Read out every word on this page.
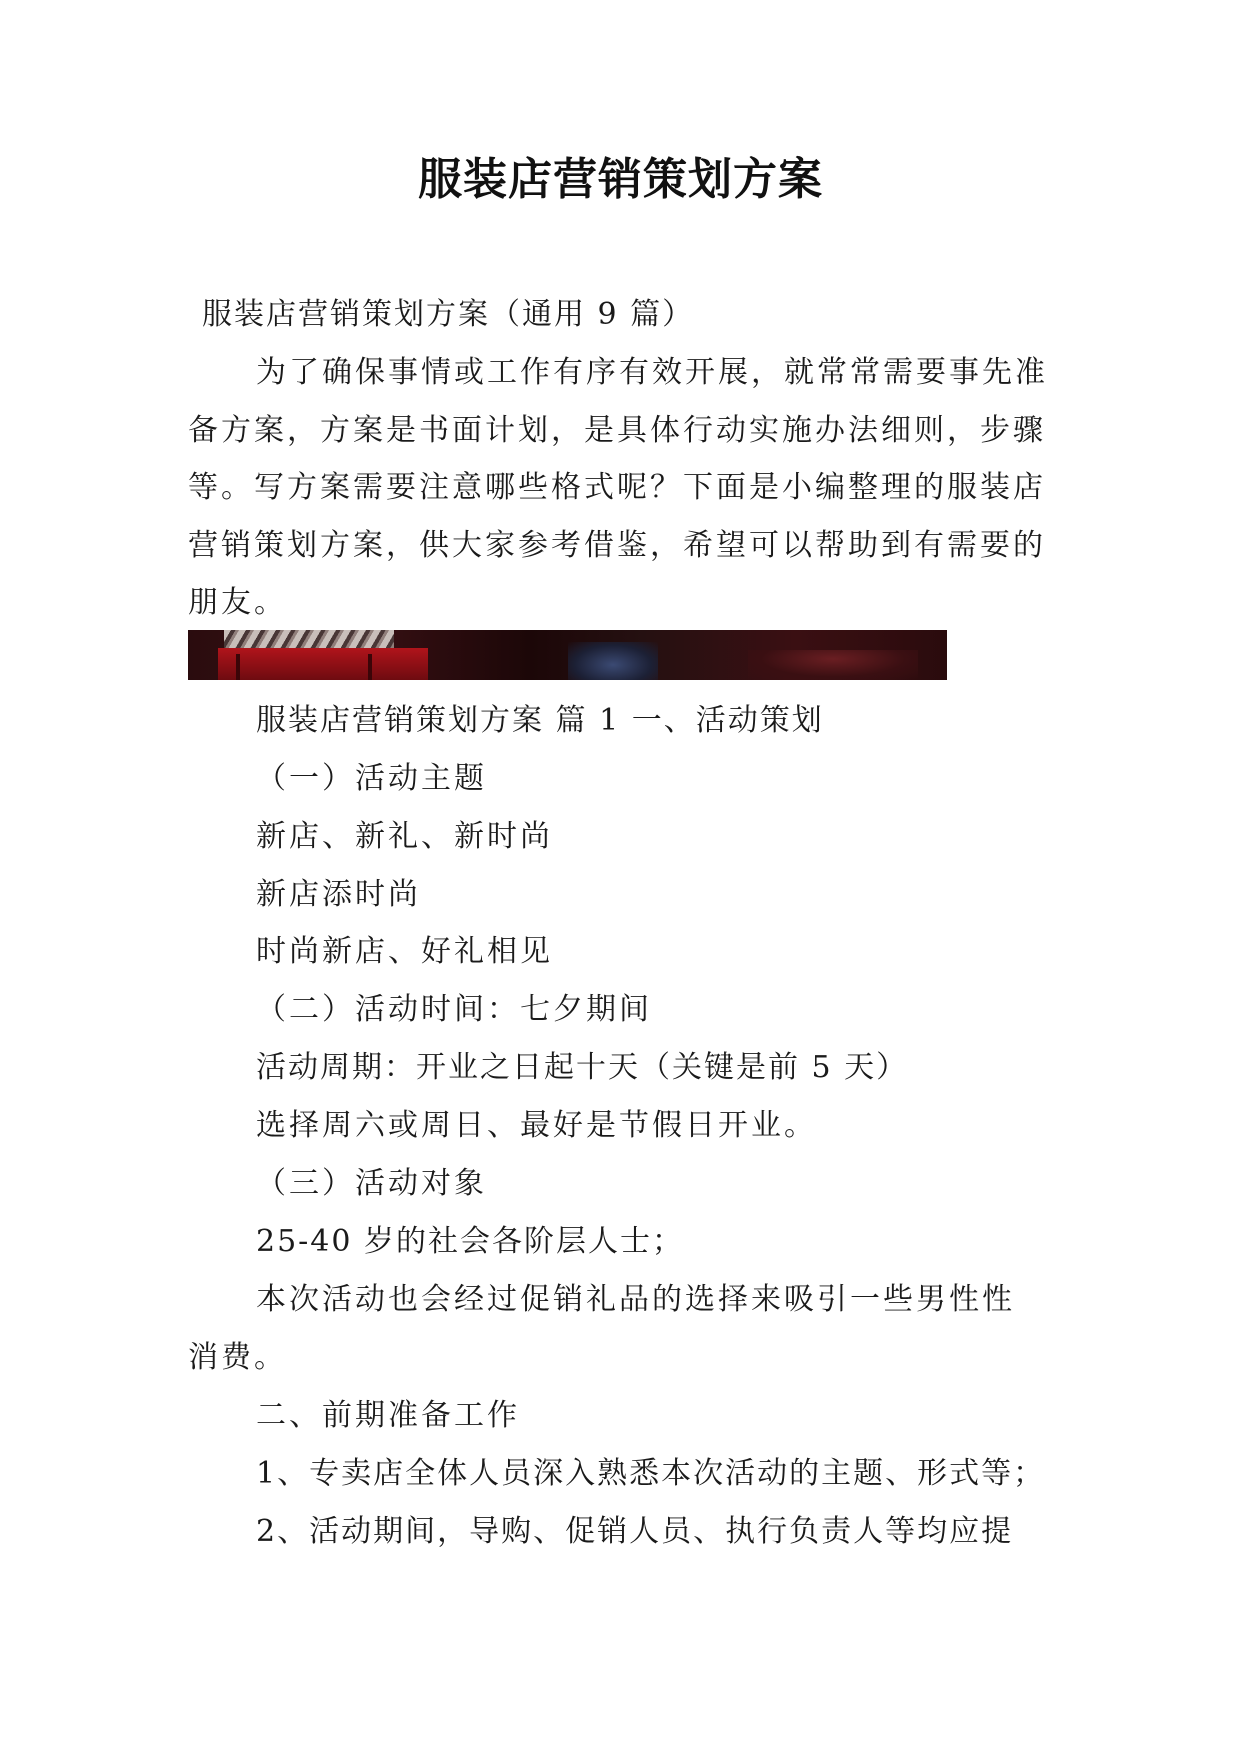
服装店营销策划方案
服装店营销策划方案（通用 9 篇）
为了确保事情或工作有序有效开展，就常常需要事先准
备方案，方案是书面计划，是具体行动实施办法细则，步骤
等。写方案需要注意哪些格式呢？下面是小编整理的服装店
营销策划方案，供大家参考借鉴，希望可以帮助到有需要的
朋友。
服装店营销策划方案 篇 1 一、活动策划
（一）活动主题
新店、新礼、新时尚
新店添时尚
时尚新店、好礼相见
（二）活动时间：七夕期间
活动周期：开业之日起十天（关键是前 5 天）
选择周六或周日、最好是节假日开业。
（三）活动对象
25-40 岁的社会各阶层人士；
本次活动也会经过促销礼品的选择来吸引一些男性性
消费。
二、前期准备工作
1、专卖店全体人员深入熟悉本次活动的主题、形式等；
2、活动期间，导购、促销人员、执行负责人等均应提
